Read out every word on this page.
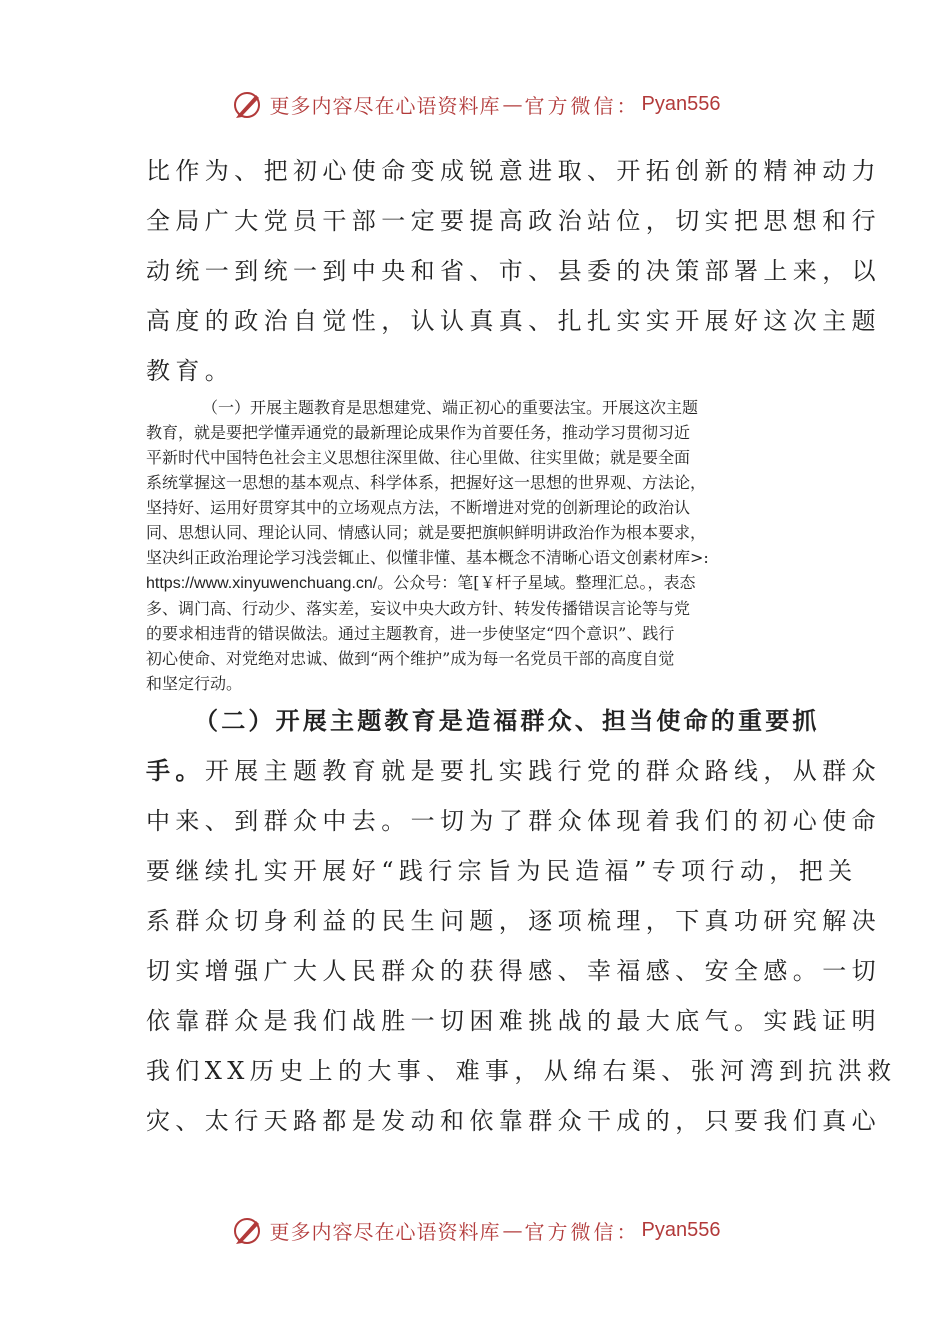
更多内容尽在心语资料库 — 官方微信： Pyan556
比作为、把初心使命变成锐意进取、开拓创新的精神动力
全局广大党员干部一定要提高政治站位，切实把思想和行
动统一到统一到中央和省、市、县委的决策部署上来，以
高度的政治自觉性，认认真真、扎扎实实开展好这次主题
教育。

（一）开展主题教育是思想建党、端正初心的重要法宝。开展这次主题

教育，就是要把学懂弄通党的最新理论成果作为首要任务，推动学习贯彻习近

平新时代中国特色社会主义思想往深里做、往心里做、往实里做；就是要全面

系统掌握这一思想的基本观点、科学体系，把握好这一思想的世界观、方法论，

坚持好、运用好贯穿其中的立场观点方法，不断增进对党的创新理论的政治认

同、思想认同、理论认同、情感认同；就是要把旗帜鲜明讲政治作为根本要求，

坚决纠正政治理论学习浅尝辄止、似懂非懂、基本概念不清晰心语文创素材库>:

https://www.xinyuwenchuang.cn/。公众号：笔[￥杆子星域。整理汇总。，表态

多、调门高、行动少、落实差，妄议中央大政方针、转发传播错误言论等与党

的要求相违背的错误做法。通过主题教育，进一步使坚定“四个意识”、践行

初心使命、对党绝对忠诚、做到“两个维护”成为每一名党员干部的高度自觉

和坚定行动。

（二）开展主题教育是造福群众、担当使命的重要抓
手。开展主题教育就是要扎实践行党的群众路线，从群众
中来、到群众中去。一切为了群众体现着我们的初心使命
要继续扎实开展好“践行宗旨为民造福”专项行动，把关
系群众切身利益的民生问题，逐项梳理，下真功研究解决
切实增强广大人民群众的获得感、幸福感、安全感。一切
依靠群众是我们战胜一切困难挑战的最大底气。实践证明
我们XX历史上的大事、难事，从绵右渠、张河湾到抗洪救
灾、太行天路都是发动和依靠群众干成的，只要我们真心
更多内容尽在心语资料库 — 官方微信： Pyan556
